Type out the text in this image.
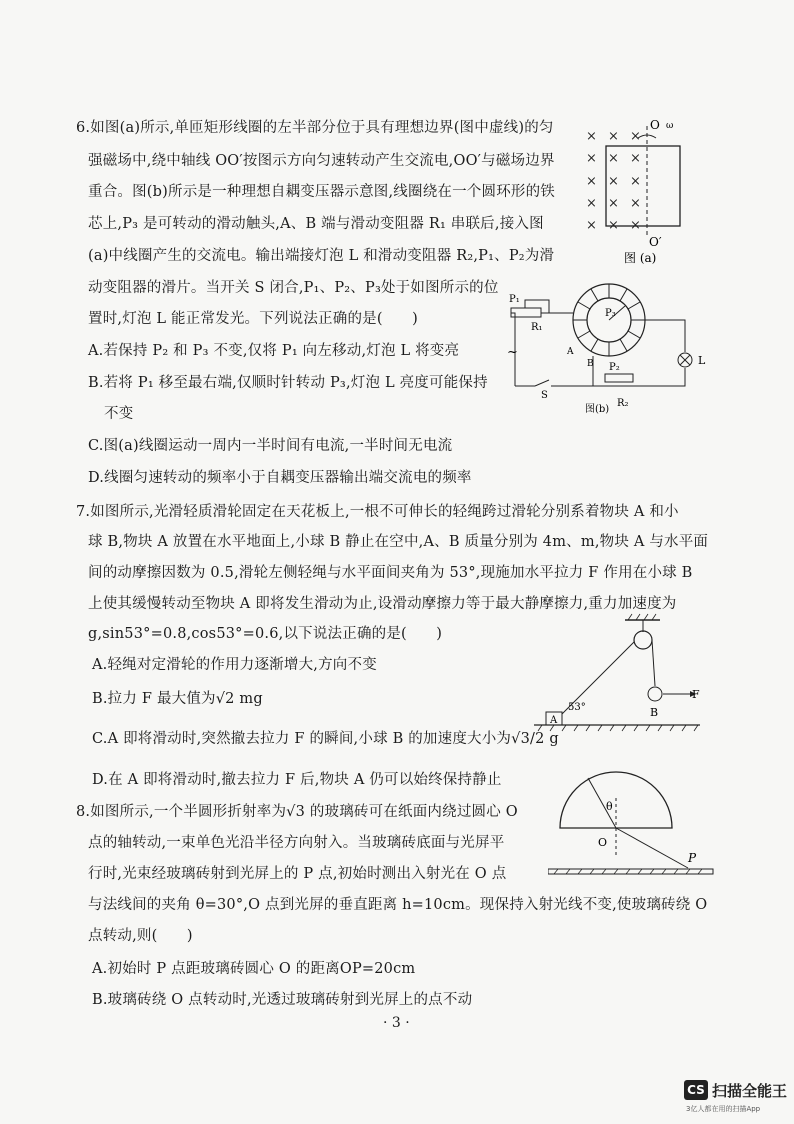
6.如图(a)所示,单匝矩形线圈的左半部分位于具有理想边界(图中虚线)的匀
强磁场中,绕中轴线 OO′按图示方向匀速转动产生交流电,OO′与磁场边界
重合。图(b)所示是一种理想自耦变压器示意图,线圈绕在一个圆环形的铁
芯上,P₃ 是可转动的滑动触头,A、B 端与滑动变阻器 R₁ 串联后,接入图
(a)中线圈产生的交流电。输出端接灯泡 L 和滑动变阻器 R₂,P₁、P₂为滑
动变阻器的滑片。当开关 S 闭合,P₁、P₂、P₃处于如图所示的位
置时,灯泡 L 能正常发光。下列说法正确的是(　　)
A.若保持 P₂ 和 P₃ 不变,仅将 P₁ 向左移动,灯泡 L 将变亮
B.若将 P₁ 移至最右端,仅顺时针转动 P₃,灯泡 L 亮度可能保持
不变
C.图(a)线圈运动一周内一半时间有电流,一半时间无电流
D.线圈匀速转动的频率小于自耦变压器输出端交流电的频率
× × ×
× × ×
× × ×
× × ×
× × ×
O ω
O′
图 (a)
P₃
P₁
R₁
S
~	A
B	L
P₂
R₂
图(b)
7.如图所示,光滑轻质滑轮固定在天花板上,一根不可伸长的轻绳跨过滑轮分别系着物块 A 和小
球 B,物块 A 放置在水平地面上,小球 B 静止在空中,A、B 质量分别为 4m、m,物块 A 与水平面
间的动摩擦因数为 0.5,滑轮左侧轻绳与水平面间夹角为 53°,现施加水平拉力 F 作用在小球 B
上使其缓慢转动至物块 A 即将发生滑动为止,设滑动摩擦力等于最大静摩擦力,重力加速度为
g,sin53°=0.8,cos53°=0.6,以下说法正确的是(　　)
A.轻绳对定滑轮的作用力逐渐增大,方向不变
B.拉力 F 最大值为√2 mg
C.A 即将滑动时,突然撤去拉力 F 的瞬间,小球 B 的加速度大小为√3/2 g
D.在 A 即将滑动时,撤去拉力 F 后,物块 A 仍可以始终保持静止
B
F
A
53°
8.如图所示,一个半圆形折射率为√3 的玻璃砖可在纸面内绕过圆心 O
点的轴转动,一束单色光沿半径方向射入。当玻璃砖底面与光屏平
行时,光束经玻璃砖射到光屏上的 P 点,初始时测出入射光在 O 点
与法线间的夹角 θ=30°,O 点到光屏的垂直距离 h=10cm。现保持入射光线不变,使玻璃砖绕 O
点转动,则(　　)
A.初始时 P 点距玻璃砖圆心 O 的距离OP=20cm
B.玻璃砖绕 O 点转动时,光透过玻璃砖射到光屏上的点不动
θ
O
P
· 3 ·
CS 扫描全能王
3亿人都在用的扫描App
